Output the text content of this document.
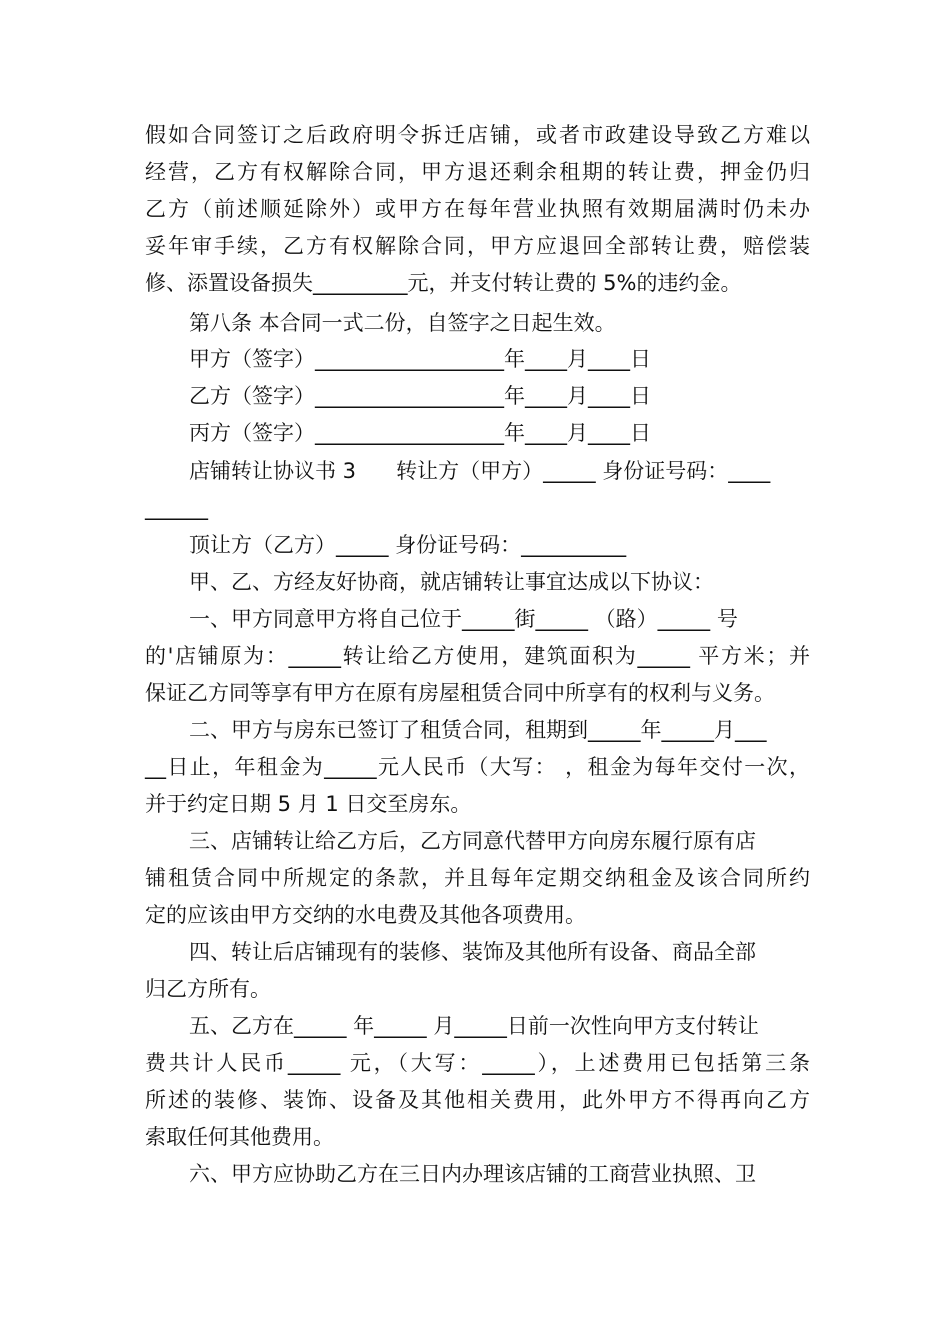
假如合同签订之后政府明令拆迁店铺，或者市政建设导致乙方难以
经营，乙方有权解除合同，甲方退还剩余租期的转让费，押金仍归
乙方（前述顺延除外）或甲方在每年营业执照有效期届满时仍未办
妥年审手续，乙方有权解除合同，甲方应退回全部转让费，赔偿装
修、添置设备损失_________元，并支付转让费的 5%的违约金。
第八条 本合同一式二份，自签字之日起生效。
甲方（签字）__________________年____月____日
乙方（签字）__________________年____月____日
丙方（签字）__________________年____月____日
店铺转让协议书 3      转让方（甲方）_____ 身份证号码：____
______
顶让方（乙方）_____ 身份证号码：__________
甲、乙、方经友好协商，就店铺转让事宜达成以下协议：
一、甲方同意甲方将自己位于_____街_____ （路）_____ 号
的'店铺原为：_____转让给乙方使用，建筑面积为_____ 平方米；并
保证乙方同等享有甲方在原有房屋租赁合同中所享有的权利与义务。
二、甲方与房东已签订了租赁合同，租期到_____年_____月___
__日止，年租金为_____元人民币（大写： ，租金为每年交付一次，
并于约定日期 5 月 1 日交至房东。
三、店铺转让给乙方后，乙方同意代替甲方向房东履行原有店
铺租赁合同中所规定的条款，并且每年定期交纳租金及该合同所约
定的应该由甲方交纳的水电费及其他各项费用。
四、转让后店铺现有的装修、装饰及其他所有设备、商品全部
归乙方所有。
五、乙方在_____ 年_____ 月_____日前一次性向甲方支付转让
费共计人民币_____ 元，（大写：_____），上述费用已包括第三条
所述的装修、装饰、设备及其他相关费用，此外甲方不得再向乙方
索取任何其他费用。
六、甲方应协助乙方在三日内办理该店铺的工商营业执照、卫
